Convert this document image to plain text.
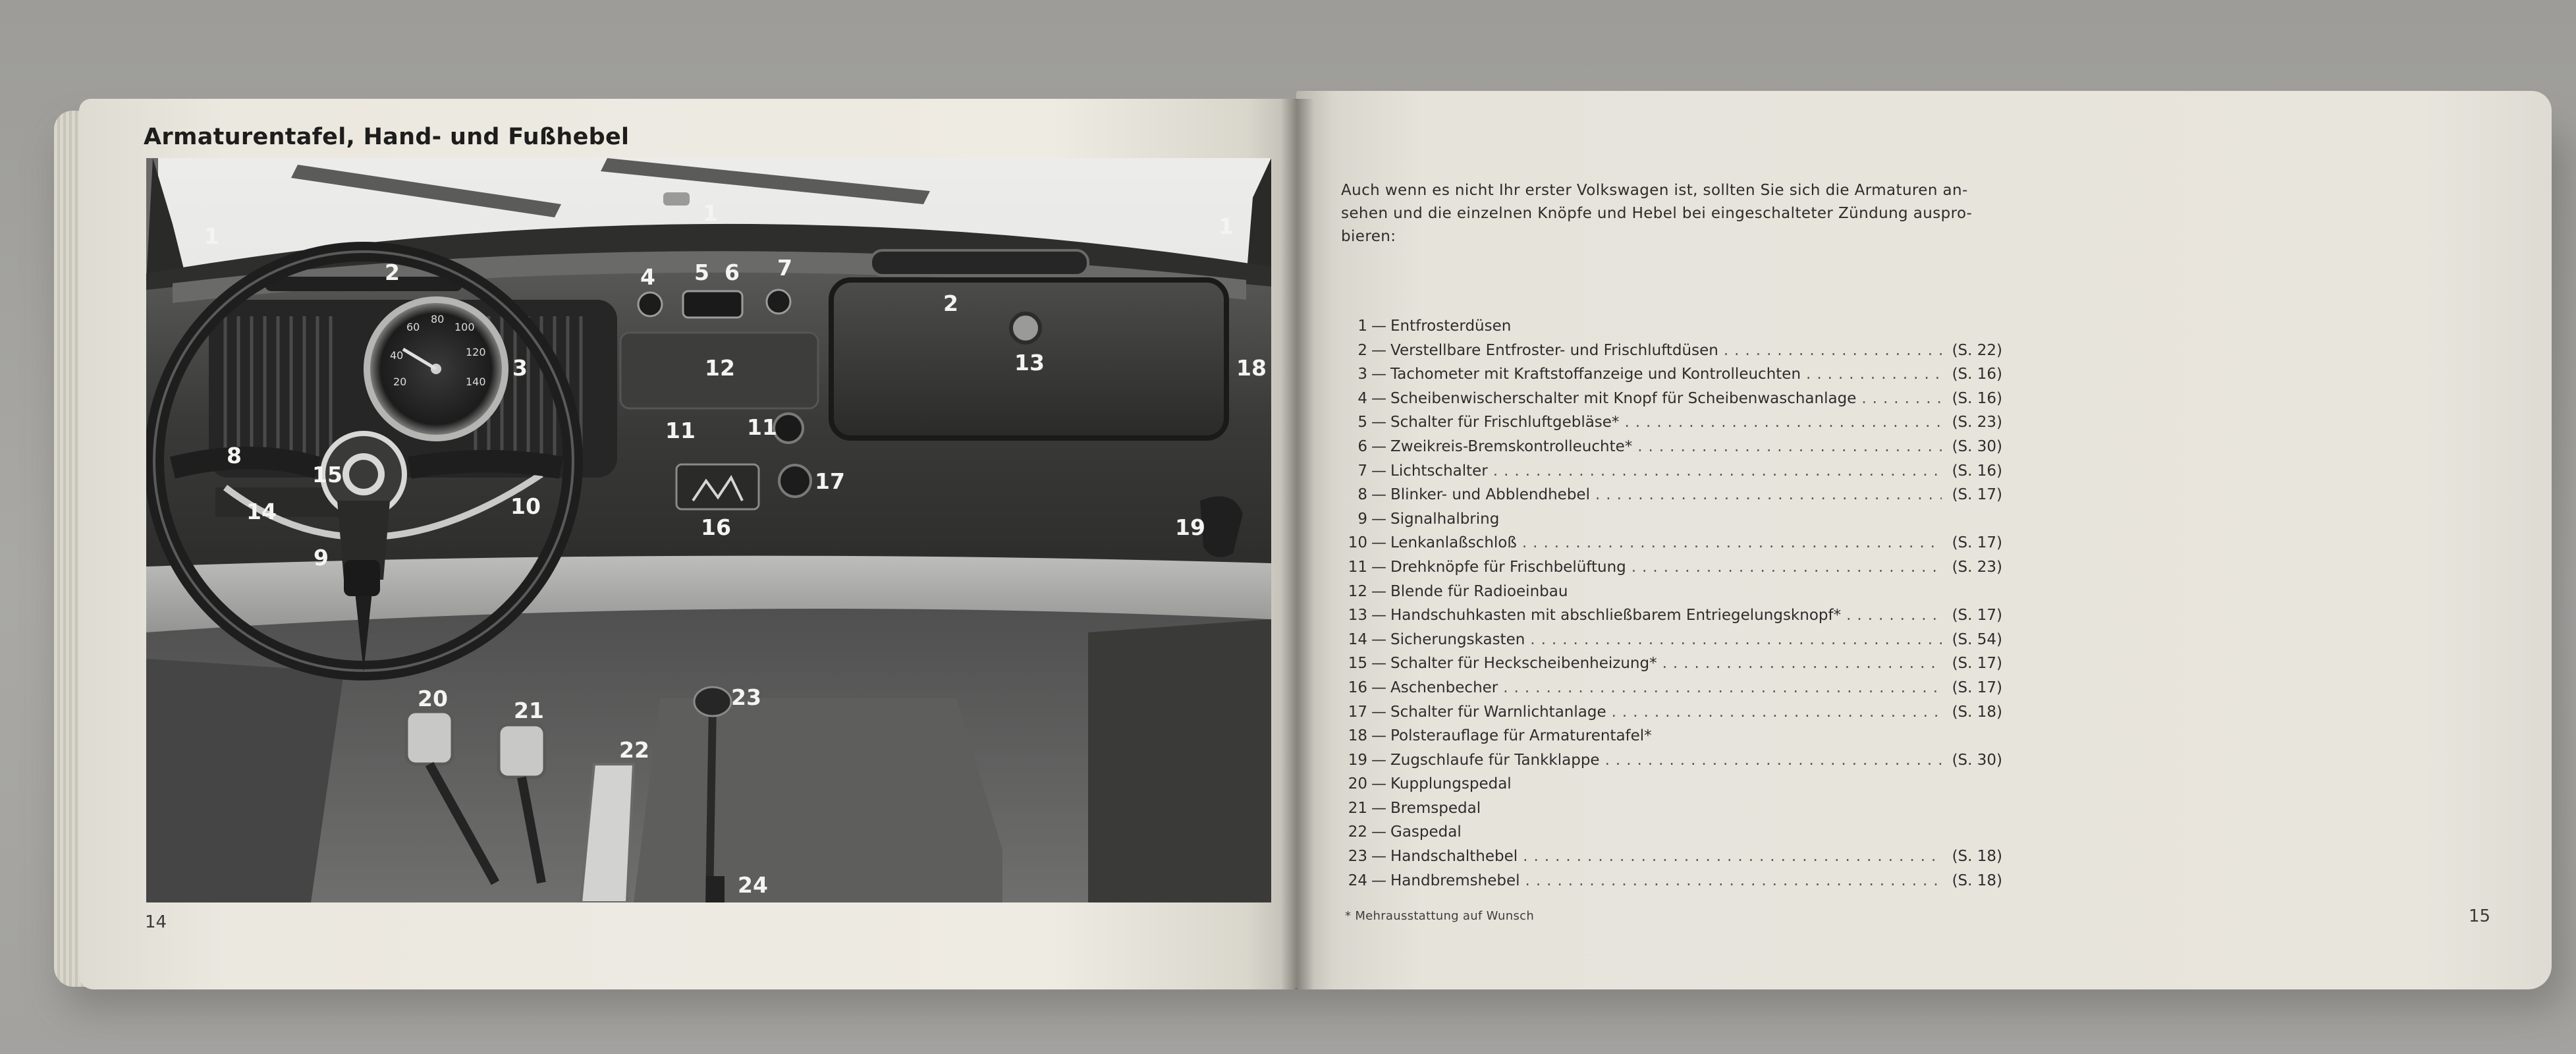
Armaturentafel, Hand- und Fußhebel
20
40
60
80
100
120
140
1
1
1
2
2
3
4 5 6 7
8
9
10
11 11
12	13
14
15
16
17
18
19
20	21
22
23
24
14

Auch wenn es nicht Ihr erster Volkswagen ist, sollten Sie sich die Armaturen ansehen und die einzelnen Knöpfe und Hebel bei eingeschalteter Zündung ausprobieren:

1 — Entfrosterdüsen
2 — Verstellbare Entfroster- und Frischluftdüsen .....	(S. 22)
3 — Tachometer mit Kraftstoffanzeige und Kontrolleuchten .....	(S. 16)
4 — Scheibenwischerschalter mit Knopf für Scheibenwaschanlage .....	(S. 16)
5 — Schalter für Frischluftgebläse* .....	(S. 23)
6 — Zweikreis-Bremskontrolleuchte* .....	(S. 30)
7 — Lichtschalter .....	(S. 16)
8 — Blinker- und Abblendhebel .....	(S. 17)
9 — Signalhalbring
10 — Lenkanlaßschloß .....	(S. 17)
11 — Drehknöpfe für Frischbelüftung .....	(S. 23)
12 — Blende für Radioeinbau
13 — Handschuhkasten mit abschließbarem Entriegelungsknopf* .....	(S. 17)
14 — Sicherungskasten .....	(S. 54)
15 — Schalter für Heckscheibenheizung* .....	(S. 17)
16 — Aschenbecher .....	(S. 17)
17 — Schalter für Warnlichtanlage .....	(S. 18)
18 — Polsterauflage für Armaturentafel*
19 — Zugschlaufe für Tankklappe .....	(S. 30)
20 — Kupplungspedal
21 — Bremspedal
22 — Gaspedal
23 — Handschalthebel .....	(S. 18)
24 — Handbremshebel .....	(S. 18)

* Mehrausstattung auf Wunsch	15
